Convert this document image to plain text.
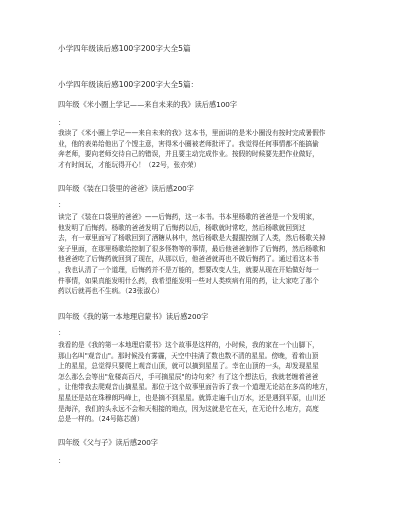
小学四年级读后感100字200字大全5篇
小学四年级读后感100字200字大全5篇：
四年级《米小圈上学记——来自未来的我》读后感100字
：

我读了《米小圈上学记——来自未来的我》这本书，里面讲的是米小圈没有按时完成暑假作

业，他的表弟给他出了个馊主意，害得米小圈被老师批评了。我觉得任何事情都不能搞偷

奔老师，要向老师交待自己的错误，并且要主动完成作业。按假的时候要先把作业做好，

才有时间玩，才能玩得开心！（22号，张亦荣）

四年级《装在口袋里的爸爸》读后感200字
：

读完了《装在口袋里的爸爸》——后悔药，这一本书。书本里杨歌的爸爸是一个发明家，

他发明了后悔药。杨歌的爸爸发明了后悔药以后，杨歌就时常吃，然后杨歌就回到过

去，有一章里面写了杨歌回到了酒糖从林中，然后杨歌是大握握控制了人类，然后杨歌关掉

宠子里面，在那里杨歌给控制了很多怪物等的事情，最后他爸爸制作了后悔药，然后杨歌和

他爸爸吃了后悔药就回到了现在，从那以后，他爸爸就再也不做后悔药了。通过看这本书

，我也认清了一个道理，后悔药并不是万能的，想要改变人生，就要从现在开始做好每一

件事情，如果真能发明什么药，我希望能发明一些对人类疾病有用的药，让大家吃了那个

药以后就再也不生病。（23张淑心）

四年级《我的第一本地理启蒙书》读后感200字
：

我看的是《我的第一本地理启蒙书》这个故事是这样的，小时候，我的家在一个山脚下，

那山名叫"观音山"。那时候没有雾霾，天空中挂满了数也数不清的星星。傍晚，看着山顶

上的星星，总觉得只要爬上观音山顶，就可以摘到星星了。幸在山顶的一头，却发现星星

怎么那么会等出"危楼高百尺，手可摘星辰"的诗句来？有了这个想法后，我就老缠着爸爸

，让他带我去爬观音山摘星星。那位于这个故事里面告诉了我一个道理无论站在多高的地方，

星星还是站在珠穆朗玛峰上，也是摘不到星星。就算走遍千山万水，还是遇到平原，山川还

是海洋，我们的头永远不会和天相接的地点，因为这就是它在天，在无论什么地方，高度

总是一样的。（24号陈芯茵）

四年级《父与子》读后感200字
：
